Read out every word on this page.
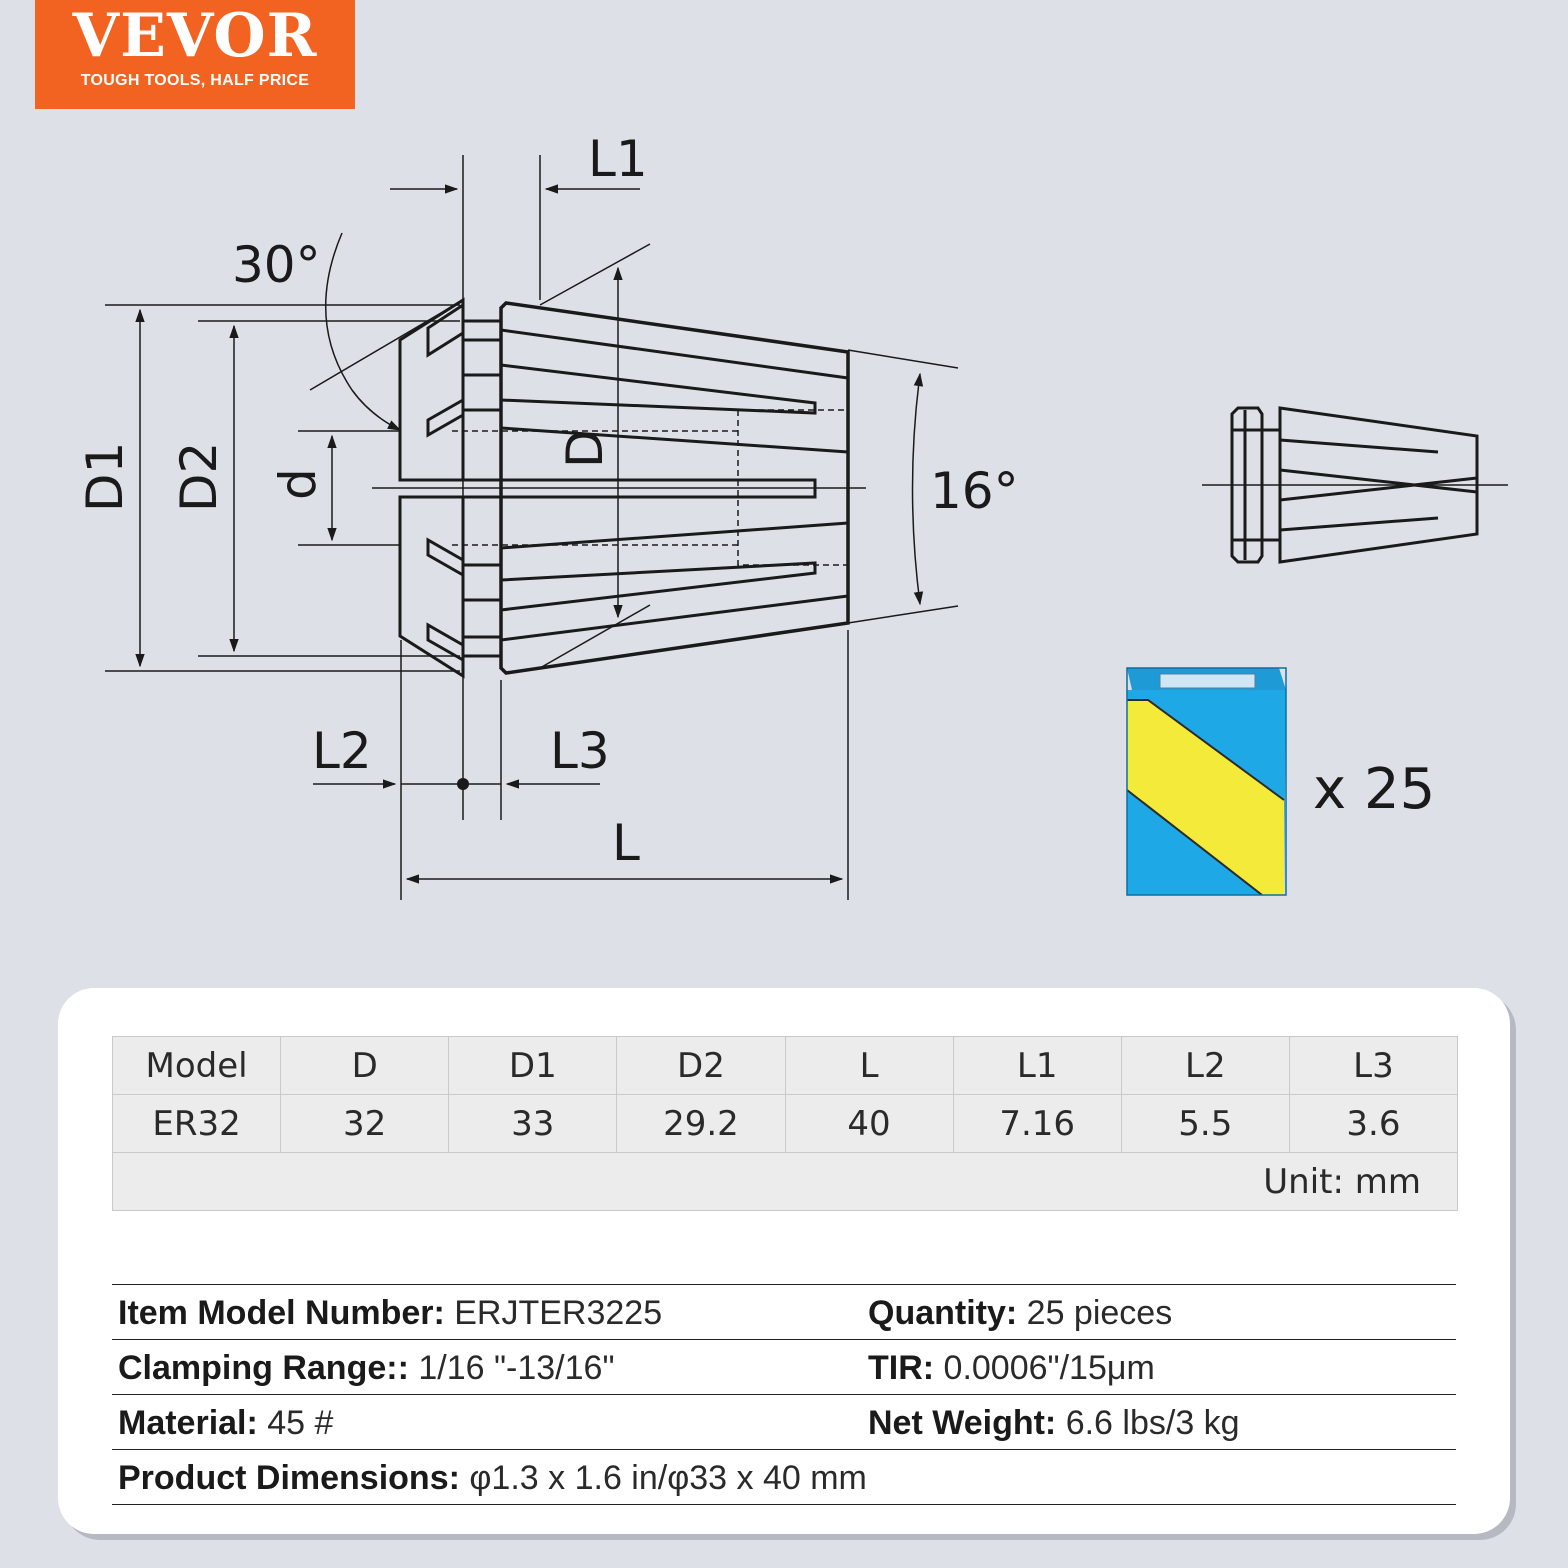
VEVOR
TOUGH TOOLS, HALF PRICE
L1
30°
16°
D1 D2 d
D
L2	L3
L
x 25
Model	D	D1	D2	L	L1	L2	L3
ER32	32	33	29.2	40	7.16	5.5	3.6
Unit: mm							
Item Model Number: ERJTER3225	Quantity: 25 pieces
Clamping Range:: 1/16 "-13/16"	TIR: 0.0006"/15μm
Material: 45 #	Net Weight: 6.6 lbs/3 kg
Product Dimensions: φ1.3 x 1.6 in/φ33 x 40 mm
